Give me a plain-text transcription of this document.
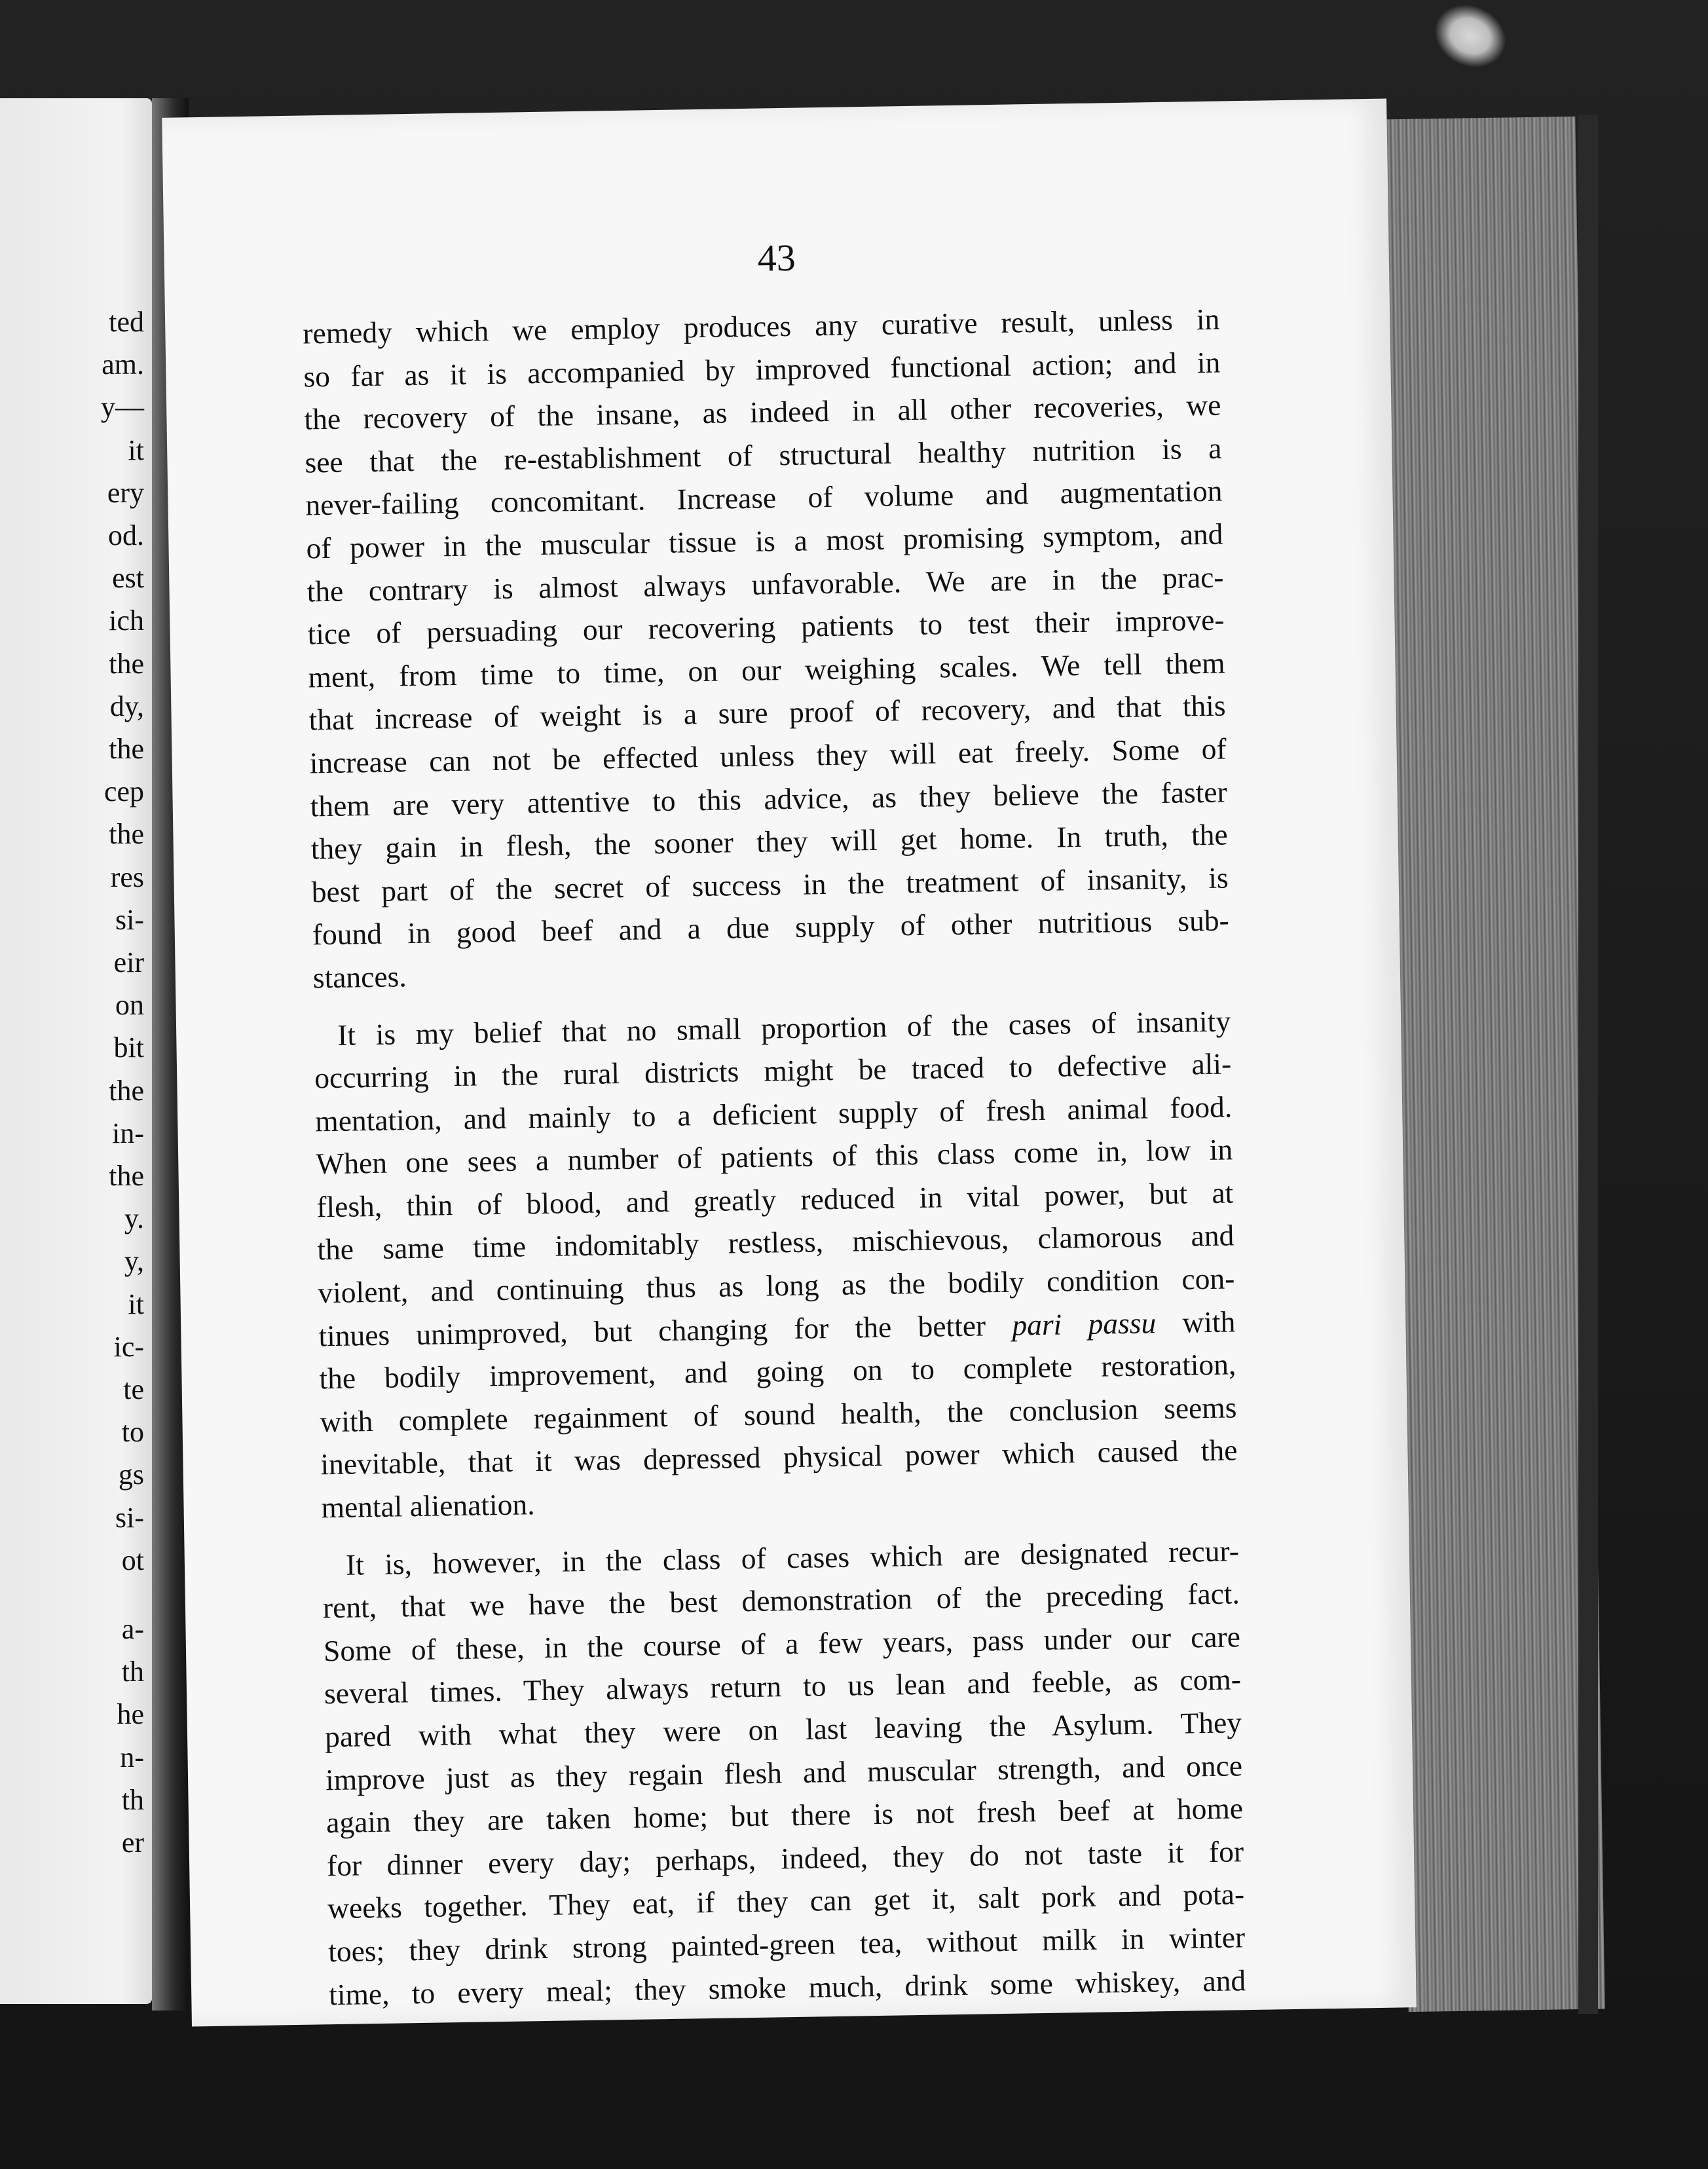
ted
am.
y—
it
ery
od.
est
ich
the
dy,
the
cep
the
res
si-
eir
on
bit
the
in-
the
y.
y,
it
ic-
te
to
gs
si-
ot
a-
th
he
n-
th
er
43
remedy which we employ produces any curative result, unless in
so far as it is accompanied by improved functional action; and in
the recovery of the insane, as indeed in all other recoveries, we
see that the re-establishment of structural healthy nutrition is a
never-failing concomitant. Increase of volume and augmentation
of power in the muscular tissue is a most promising symptom, and
the contrary is almost always unfavorable. We are in the prac-
tice of persuading our recovering patients to test their improve-
ment, from time to time, on our weighing scales. We tell them
that increase of weight is a sure proof of recovery, and that this
increase can not be effected unless they will eat freely. Some of
them are very attentive to this advice, as they believe the faster
they gain in flesh, the sooner they will get home. In truth, the
best part of the secret of success in the treatment of insanity, is
found in good beef and a due supply of other nutritious sub-
stances.
It is my belief that no small proportion of the cases of insanity
occurring in the rural districts might be traced to defective ali-
mentation, and mainly to a deficient supply of fresh animal food.
When one sees a number of patients of this class come in, low in
flesh, thin of blood, and greatly reduced in vital power, but at
the same time indomitably restless, mischievous, clamorous and
violent, and continuing thus as long as the bodily condition con-
tinues unimproved, but changing for the better pari passu with
the bodily improvement, and going on to complete restoration,
with complete regainment of sound health, the conclusion seems
inevitable, that it was depressed physical power which caused the
mental alienation.
It is, however, in the class of cases which are designated recur-
rent, that we have the best demonstration of the preceding fact.
Some of these, in the course of a few years, pass under our care
several times. They always return to us lean and feeble, as com-
pared with what they were on last leaving the Asylum. They
improve just as they regain flesh and muscular strength, and once
again they are taken home; but there is not fresh beef at home
for dinner every day; perhaps, indeed, they do not taste it for
weeks together. They eat, if they can get it, salt pork and pota-
toes; they drink strong painted-green tea, without milk in winter
time, to every meal; they smoke much, drink some whiskey, and
